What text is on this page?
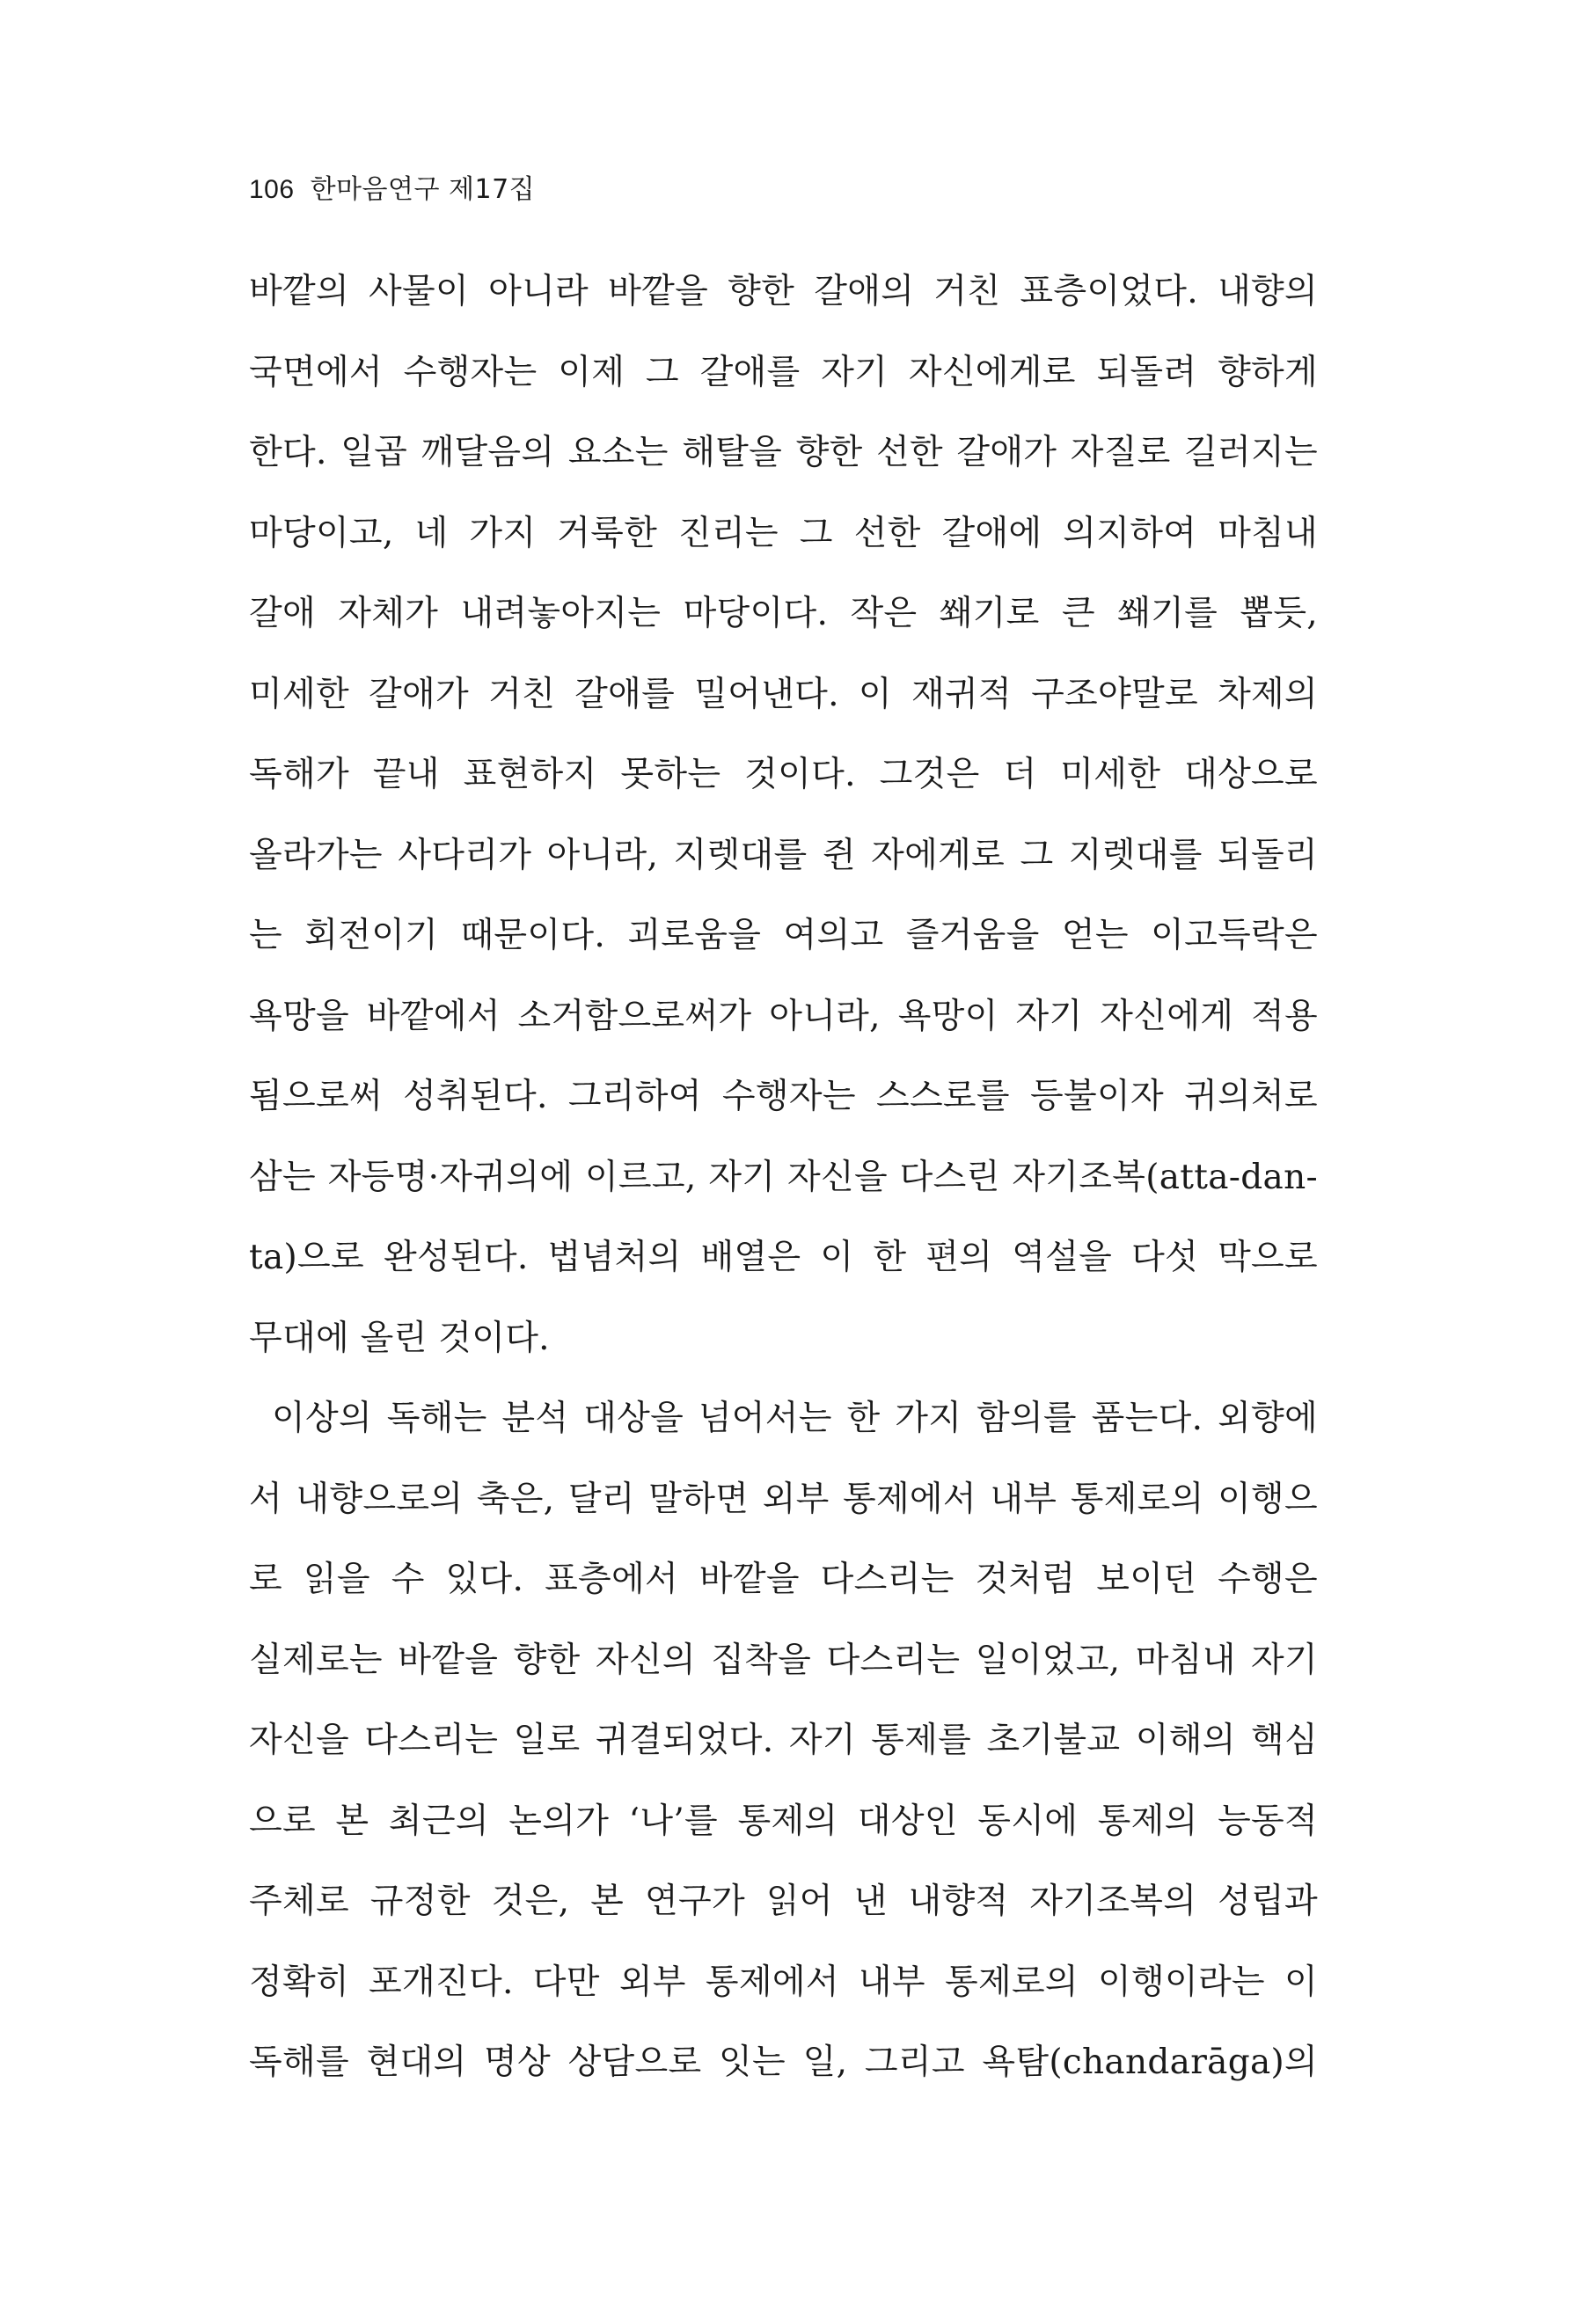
106 한마음연구 제17집
바깥의 사물이 아니라 바깥을 향한 갈애의 거친 표층이었다. 내향의
국면에서 수행자는 이제 그 갈애를 자기 자신에게로 되돌려 향하게
한다. 일곱 깨달음의 요소는 해탈을 향한 선한 갈애가 자질로 길러지는
마당이고, 네 가지 거룩한 진리는 그 선한 갈애에 의지하여 마침내
갈애 자체가 내려놓아지는 마당이다. 작은 쐐기로 큰 쐐기를 뽑듯,
미세한 갈애가 거친 갈애를 밀어낸다. 이 재귀적 구조야말로 차제의
독해가 끝내 표현하지 못하는 것이다. 그것은 더 미세한 대상으로
올라가는 사다리가 아니라, 지렛대를 쥔 자에게로 그 지렛대를 되돌리
는 회전이기 때문이다. 괴로움을 여의고 즐거움을 얻는 이고득락은
욕망을 바깥에서 소거함으로써가 아니라, 욕망이 자기 자신에게 적용
됨으로써 성취된다. 그리하여 수행자는 스스로를 등불이자 귀의처로
삼는 자등명·자귀의에 이르고, 자기 자신을 다스린 자기조복(atta-dan-
ta)으로 완성된다. 법념처의 배열은 이 한 편의 역설을 다섯 막으로
무대에 올린 것이다.
이상의 독해는 분석 대상을 넘어서는 한 가지 함의를 품는다. 외향에
서 내향으로의 축은, 달리 말하면 외부 통제에서 내부 통제로의 이행으
로 읽을 수 있다. 표층에서 바깥을 다스리는 것처럼 보이던 수행은
실제로는 바깥을 향한 자신의 집착을 다스리는 일이었고, 마침내 자기
자신을 다스리는 일로 귀결되었다. 자기 통제를 초기불교 이해의 핵심
으로 본 최근의 논의가 ‘나’를 통제의 대상인 동시에 통제의 능동적
주체로 규정한 것은, 본 연구가 읽어 낸 내향적 자기조복의 성립과
정확히 포개진다. 다만 외부 통제에서 내부 통제로의 이행이라는 이
독해를 현대의 명상 상담으로 잇는 일, 그리고 욕탐(chandarāga)의
